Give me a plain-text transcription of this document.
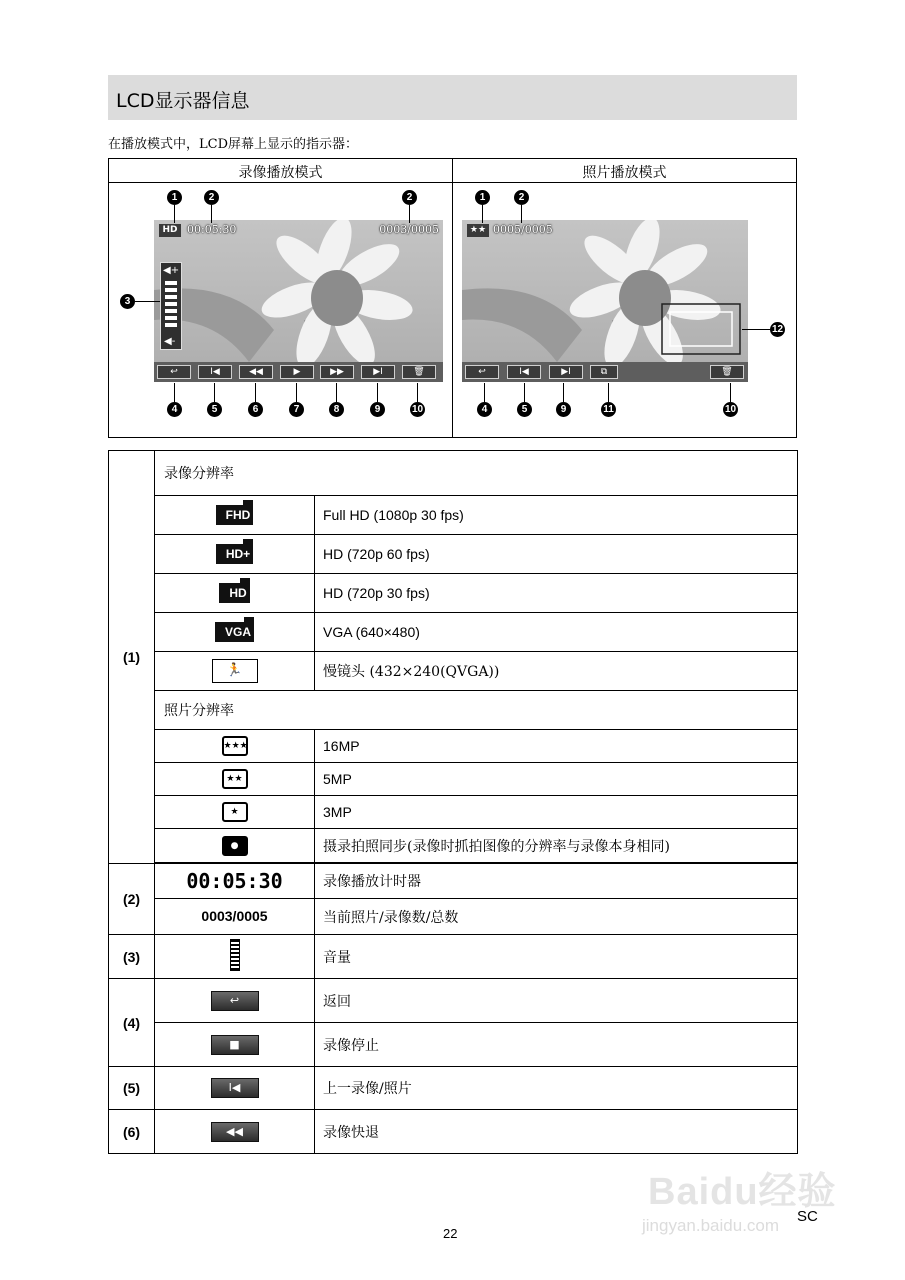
LCD显示器信息
在播放模式中，LCD屏幕上显示的指示器：
录像播放模式	照片播放模式
HD 00:05:30	0003/0005
◀+
◀-
↩	I◀	◀◀	▶	▶▶	▶I	🗑
1	2	2
3
4	5	6	7	8	9	10
★★ 0005/0005
↩	I◀	▶I	⧉	🗑
1	2
12
4	5	9	11	10
(1)	录像分辨率	
	FHD	Full HD (1080p 30 fps)
	HD+	HD (720p 60 fps)
	HD	HD (720p 30 fps)
	VGA	VGA (640×480)
	🏃	慢镜头 (432×240(QVGA))
	照片分辨率	
	★★★	16MP
	★★	5MP
	★	3MP
	●	摄录拍照同步(录像时抓拍图像的分辨率与录像本身相同)

(2)	00:05:30	录像播放计时器
	0003/0005	当前照片/录像数/总数
(3)		音量
(4)	↩	返回
	■	录像停止
(5)	I◀	上一录像/照片
(6)	◀◀	录像快退
Baidu经验
jingyan.baidu.com SC
22
